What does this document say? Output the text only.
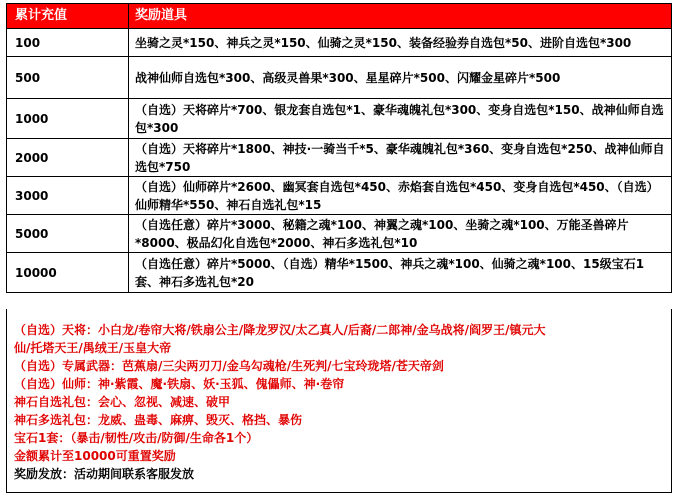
累计充值	奖励道具
100	坐骑之灵*150、神兵之灵*150、仙骑之灵*150、装备经验券自选包*50、进阶自选包*300
500	战神仙师自选包*300、高级灵兽果*300、星星碎片*500、闪耀金星碎片*500
1000	（自选）天将碎片*700、银龙套自选包*1、豪华魂魄礼包*300、变身自选包*150、战神仙师自选包*300
2000	（自选）天将碎片*1800、神技·一骑当千*5、豪华魂魄礼包*360、变身自选包*250、战神仙师自选包*750
3000	（自选）仙师碎片*2600、幽冥套自选包*450、赤焰套自选包*450、变身自选包*450、（自选）仙师精华*550、神石自选礼包*15
5000	（自选任意）碎片*3000、秘籍之魂*100、神翼之魂*100、坐骑之魂*100、万能圣兽碎片*8000、极品幻化自选包*2000、神石多选礼包*10
10000	（自选任意）碎片*5000、（自选）精华*1500、神兵之魂*100、仙骑之魂*100、15级宝石1套、神石多选礼包*20
（自选）天将：小白龙/卷帘大将/铁扇公主/降龙罗汉/太乙真人/后裔/二郎神/金乌战将/阎罗王/镇元大
仙/托塔天王/禺绒王/玉皇大帝
（自选）专属武器：芭蕉扇/三尖两刃刀/金乌勾魂枪/生死判/七宝玲珑塔/苍天帝剑
（自选）仙师：神·紫霞、魔·铁扇、妖·玉狐、傀儡师、神·卷帘
神石自选礼包：会心、忽视、减速、破甲
神石多选礼包：龙威、蛊毒、麻痹、毁灭、格挡、暴伤
宝石1套：（暴击/韧性/攻击/防御/生命各1个）
金额累计至10000可重置奖励
奖励发放：活动期间联系客服发放
